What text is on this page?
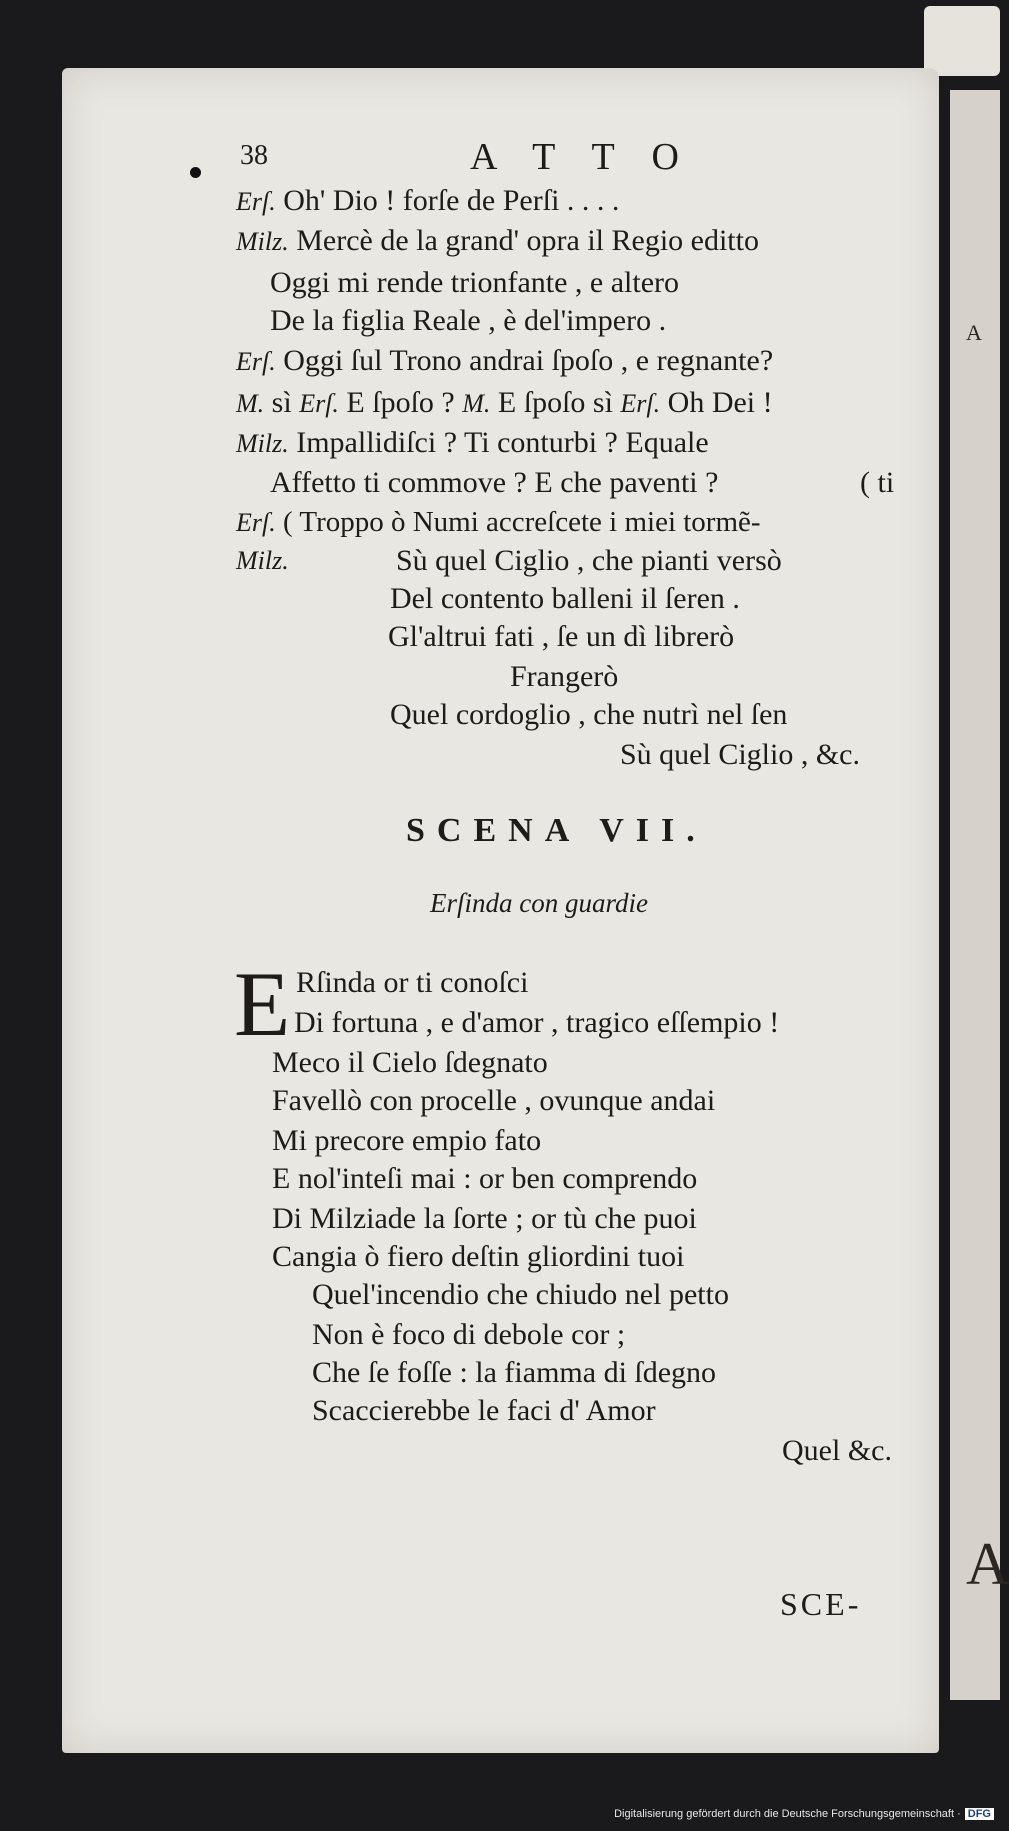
A
A
38	A T T O
Erſ. Oh' Dio ! forſe de Perſi . . . .
Milz. Mercè de la grand' opra il Regio editto
Oggi mi rende trionfante , e altero
De la figlia Reale , è del'impero .
Erſ. Oggi ſul Trono andrai ſpoſo , e regnante?
M. sì Erſ. E ſpoſo ? M. E ſpoſo sì Erſ. Oh Dei !
Milz. Impallidiſci ? Ti conturbi ? Equale
Affetto ti commove ? E che paventi ?	( ti
Erſ. ( Troppo ò Numi accreſcete i miei tormẽ-
Milz.	Sù quel Ciglio , che pianti versò
Del contento balleni il ſeren .
Gl'altrui fati , ſe un dì librerò
Frangerò
Quel cordoglio , che nutrì nel ſen
Sù quel Ciglio , &c.
SCENA VII.
Erſinda con guardie
E Rſinda or ti conoſci
Di fortuna , e d'amor , tragico eſſempio !
Meco il Cielo ſdegnato
Favellò con procelle , ovunque andai
Mi precore empio fato
E nol'inteſi mai : or ben comprendo
Di Milziade la ſorte ; or tù che puoi
Cangia ò fiero deſtin gliordini tuoi
Quel'incendio che chiudo nel petto
Non è foco di debole cor ;
Che ſe foſſe : la fiamma di ſdegno
Scaccierebbe le faci d' Amor
Quel &c.
SCE-
Digitalisierung gefördert durch die Deutsche Forschungsgemeinschaft · DFG
